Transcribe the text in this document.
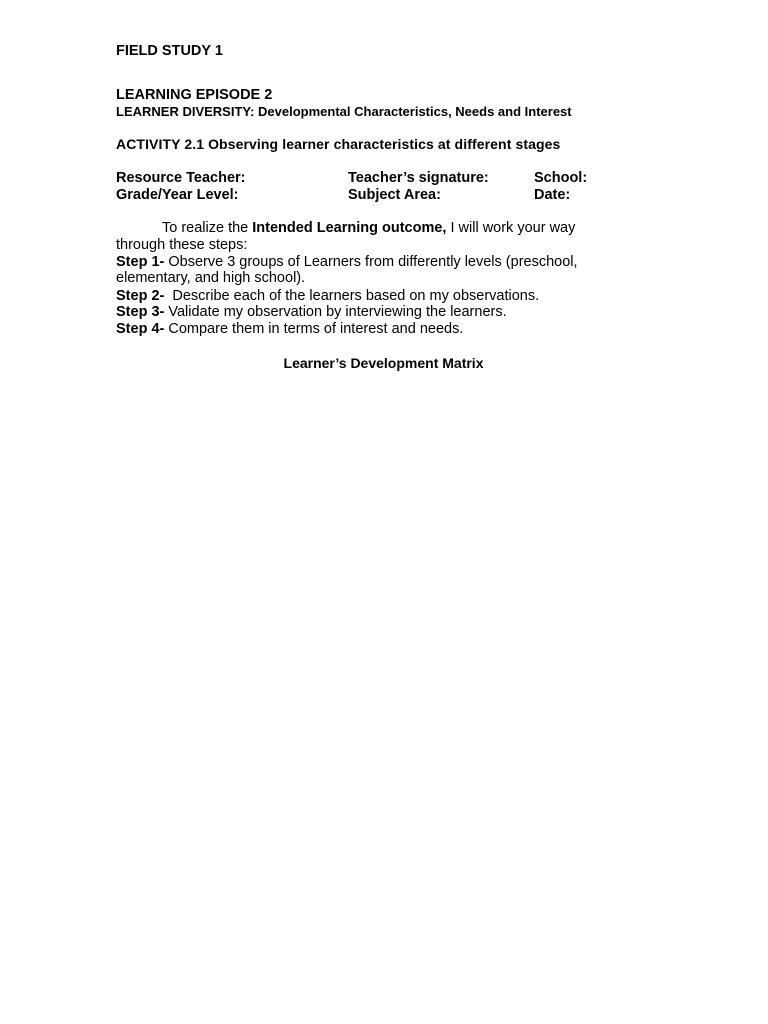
FIELD STUDY 1
LEARNING EPISODE 2
LEARNER DIVERSITY: Developmental Characteristics, Needs and Interest
ACTIVITY 2.1 Observing learner characteristics at different stages
Resource Teacher:	Teacher’s signature:	School:
Grade/Year Level:	Subject Area:	Date:
To realize the Intended Learning outcome, I will work your way
through these steps:
Step 1- Observe 3 groups of Learners from differently levels (preschool,
elementary, and high school).
Step 2-  Describe each of the learners based on my observations.
Step 3- Validate my observation by interviewing the learners.
Step 4- Compare them in terms of interest and needs.
Learner’s Development Matrix
